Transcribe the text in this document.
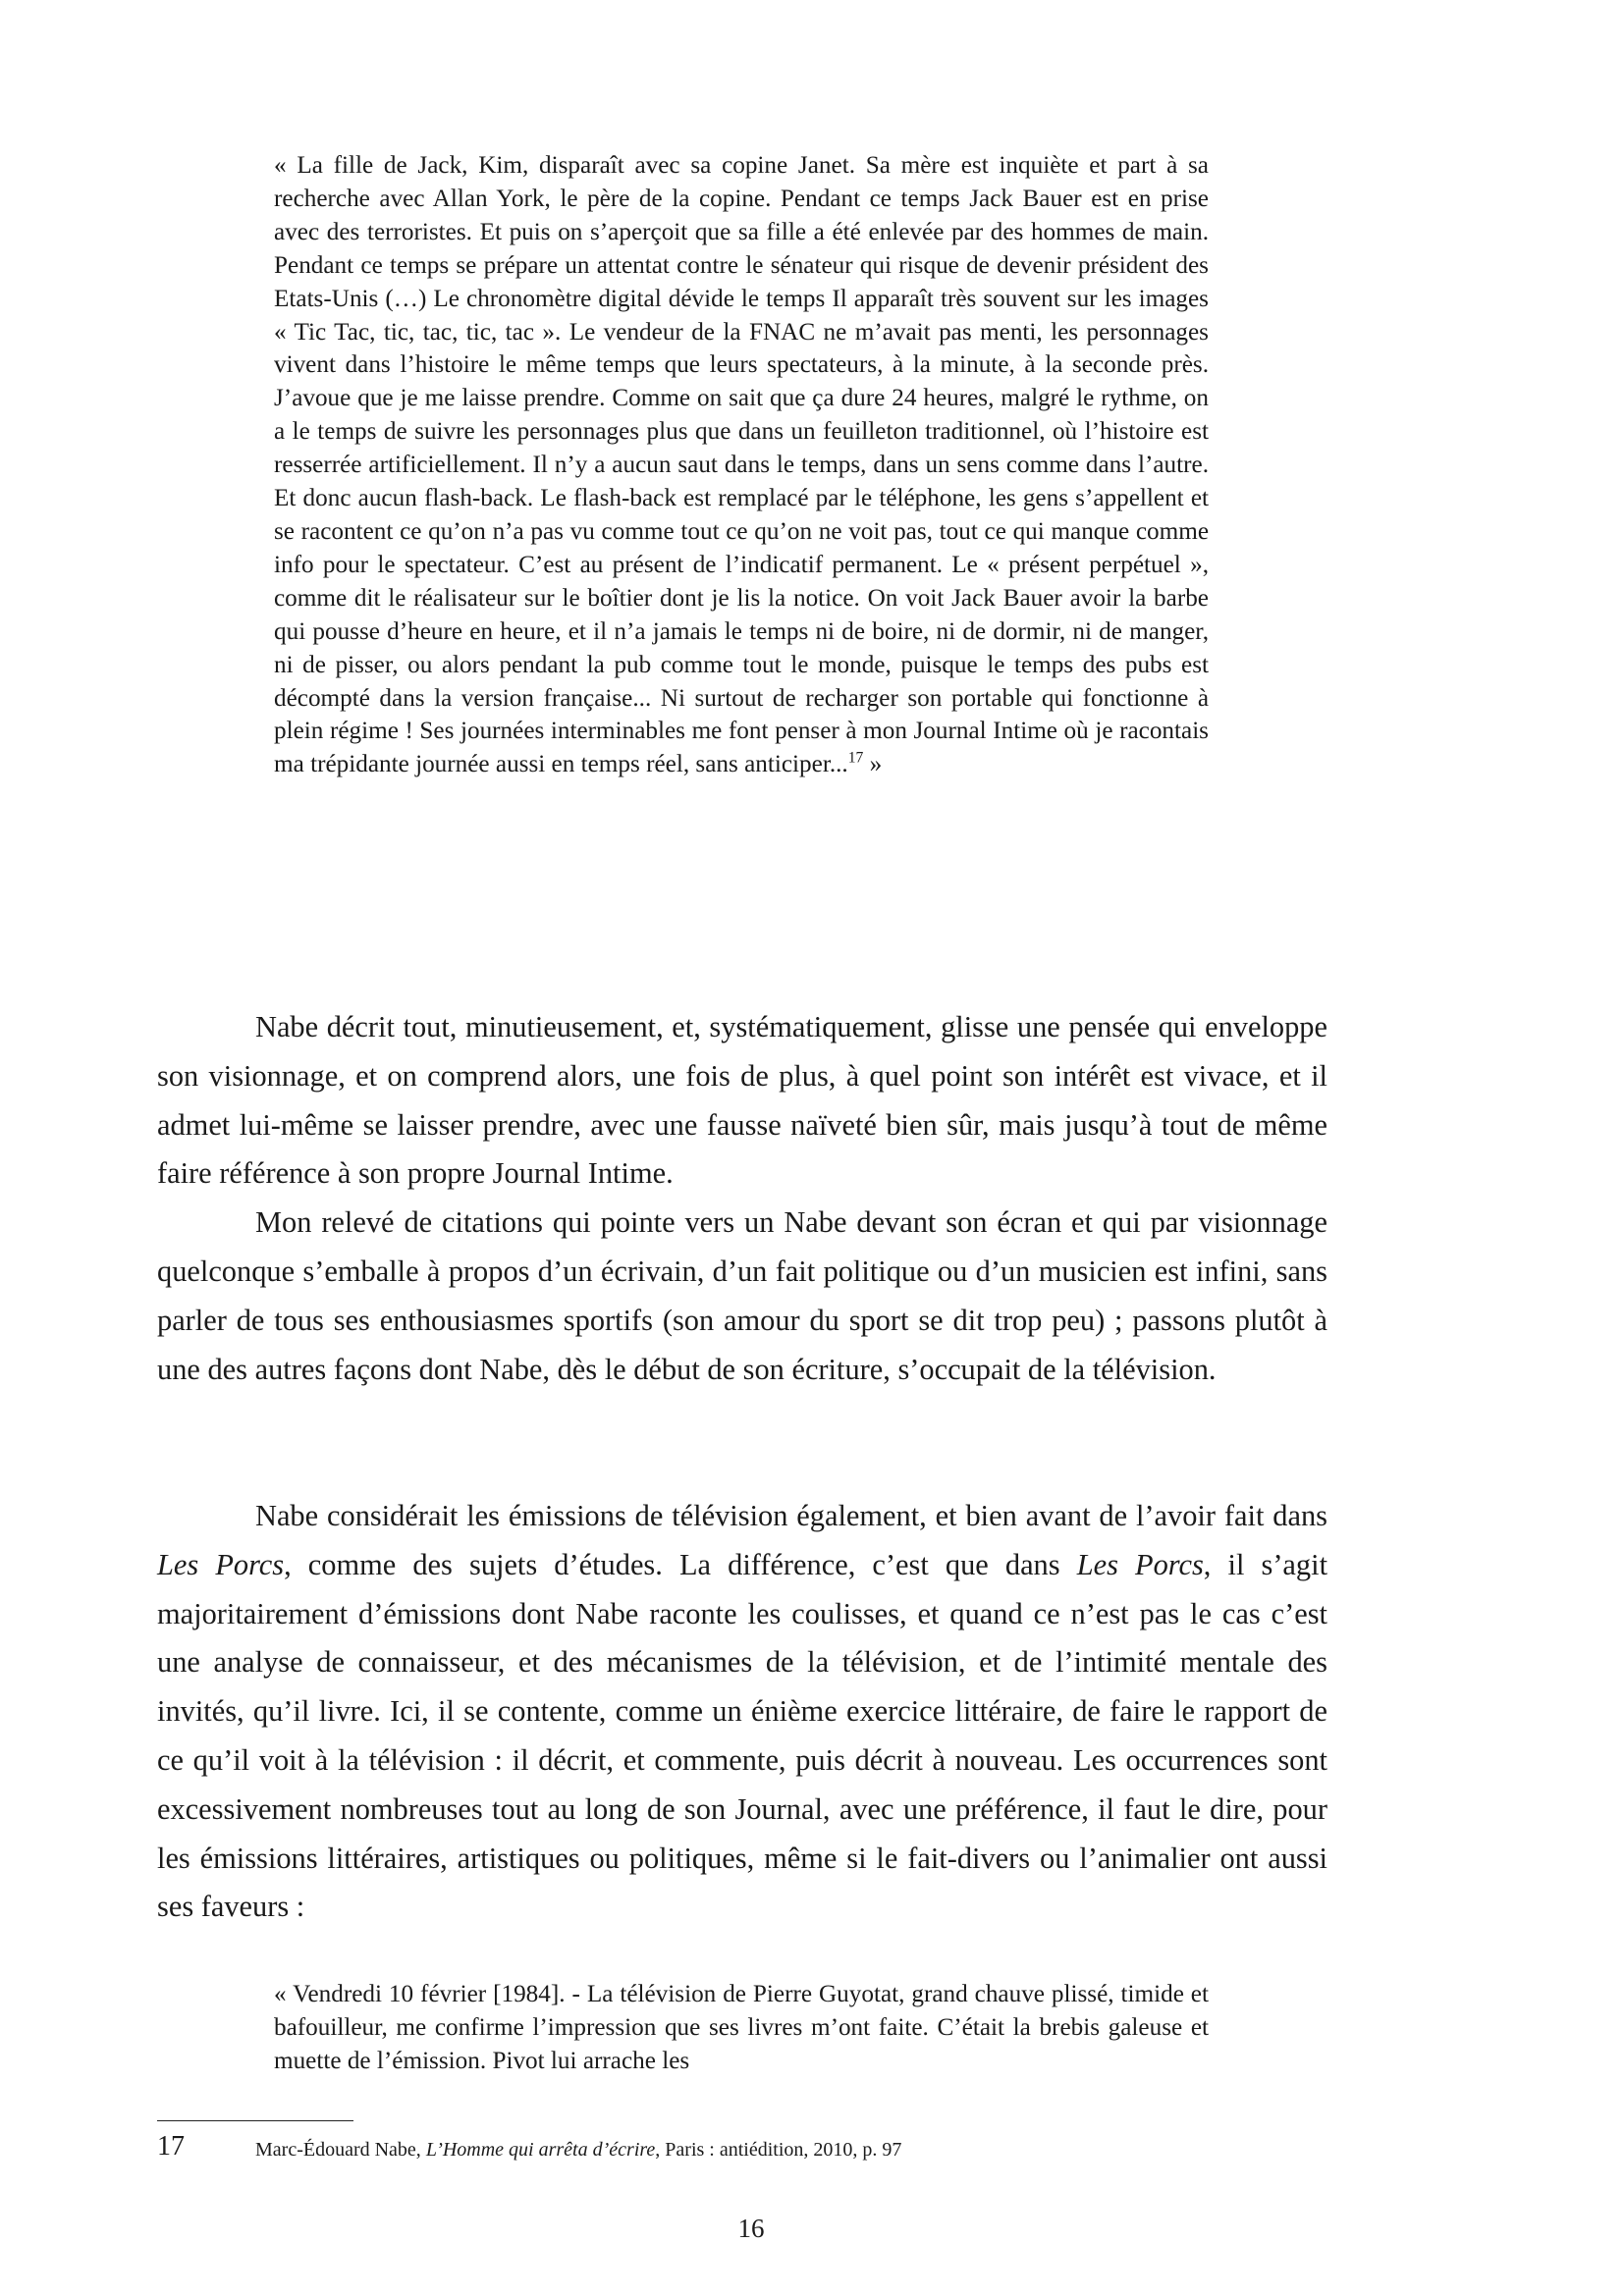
« La fille de Jack, Kim, disparaît avec sa copine Janet. Sa mère est inquiète et part à sa recherche avec Allan York, le père de la copine. Pendant ce temps Jack Bauer est en prise avec des terroristes. Et puis on s’aperçoit que sa fille a été enlevée par des hommes de main. Pendant ce temps se prépare un attentat contre le sénateur qui risque de devenir président des Etats-Unis (…) Le chronomètre digital dévide le temps Il apparaît très souvent sur les images « Tic Tac, tic, tac, tic, tac ». Le vendeur de la FNAC ne m’avait pas menti, les personnages vivent dans l’histoire le même temps que leurs spectateurs, à la minute, à la seconde près. J’avoue que je me laisse prendre. Comme on sait que ça dure 24 heures, malgré le rythme, on a le temps de suivre les personnages plus que dans un feuilleton traditionnel, où l’histoire est resserrée artificiellement. Il n’y a aucun saut dans le temps, dans un sens comme dans l’autre. Et donc aucun flash-back. Le flash-back est remplacé par le téléphone, les gens s’appellent et se racontent ce qu’on n’a pas vu comme tout ce qu’on ne voit pas, tout ce qui manque comme info pour le spectateur. C’est au présent de l’indicatif permanent. Le « présent perpétuel », comme dit le réalisateur sur le boîtier dont je lis la notice. On voit Jack Bauer avoir la barbe qui pousse d’heure en heure, et il n’a jamais le temps ni de boire, ni de dormir, ni de manger, ni de pisser, ou alors pendant la pub comme tout le monde, puisque le temps des pubs est décompté dans la version française... Ni surtout de recharger son portable qui fonctionne à plein régime ! Ses journées interminables me font penser à mon Journal Intime où je racontais ma trépidante journée aussi en temps réel, sans anticiper...$^{17}$ »

Nabe décrit tout, minutieusement, et, systématiquement, glisse une pensée qui enveloppe son visionnage, et on comprend alors, une fois de plus, à quel point son intérêt est vivace, et il admet lui-même se laisser prendre, avec une fausse naïveté bien sûr, mais jusqu’à tout de même faire référence à son propre Journal Intime.

Mon relevé de citations qui pointe vers un Nabe devant son écran et qui par visionnage quelconque s’emballe à propos d’un écrivain, d’un fait politique ou d’un musicien est infini, sans parler de tous ses enthousiasmes sportifs (son amour du sport se dit trop peu) ; passons plutôt à une des autres façons dont Nabe, dès le début de son écriture, s’occupait de la télévision.

Nabe considérait les émissions de télévision également, et bien avant de l’avoir fait dans Les Porcs, comme des sujets d’études. La différence, c’est que dans Les Porcs, il s’agit majoritairement d’émissions dont Nabe raconte les coulisses, et quand ce n’est pas le cas c’est une analyse de connaisseur, et des mécanismes de la télévision, et de l’intimité mentale des invités, qu’il livre. Ici, il se contente, comme un énième exercice littéraire, de faire le rapport de ce qu’il voit à la télévision : il décrit, et commente, puis décrit à nouveau. Les occurrences sont excessivement nombreuses tout au long de son Journal, avec une préférence, il faut le dire, pour les émissions littéraires, artistiques ou politiques, même si le fait-divers ou l’animalier ont aussi ses faveurs :

« Vendredi 10 février [1984]. - La télévision de Pierre Guyotat, grand chauve plissé, timide et bafouilleur, me confirme l’impression que ses livres m’ont faite. C’était la brebis galeuse et muette de l’émission. Pivot lui arrache les

17	Marc-Édouard Nabe, L’Homme qui arrêta d’écrire, Paris : antiédition, 2010, p. 97
16
